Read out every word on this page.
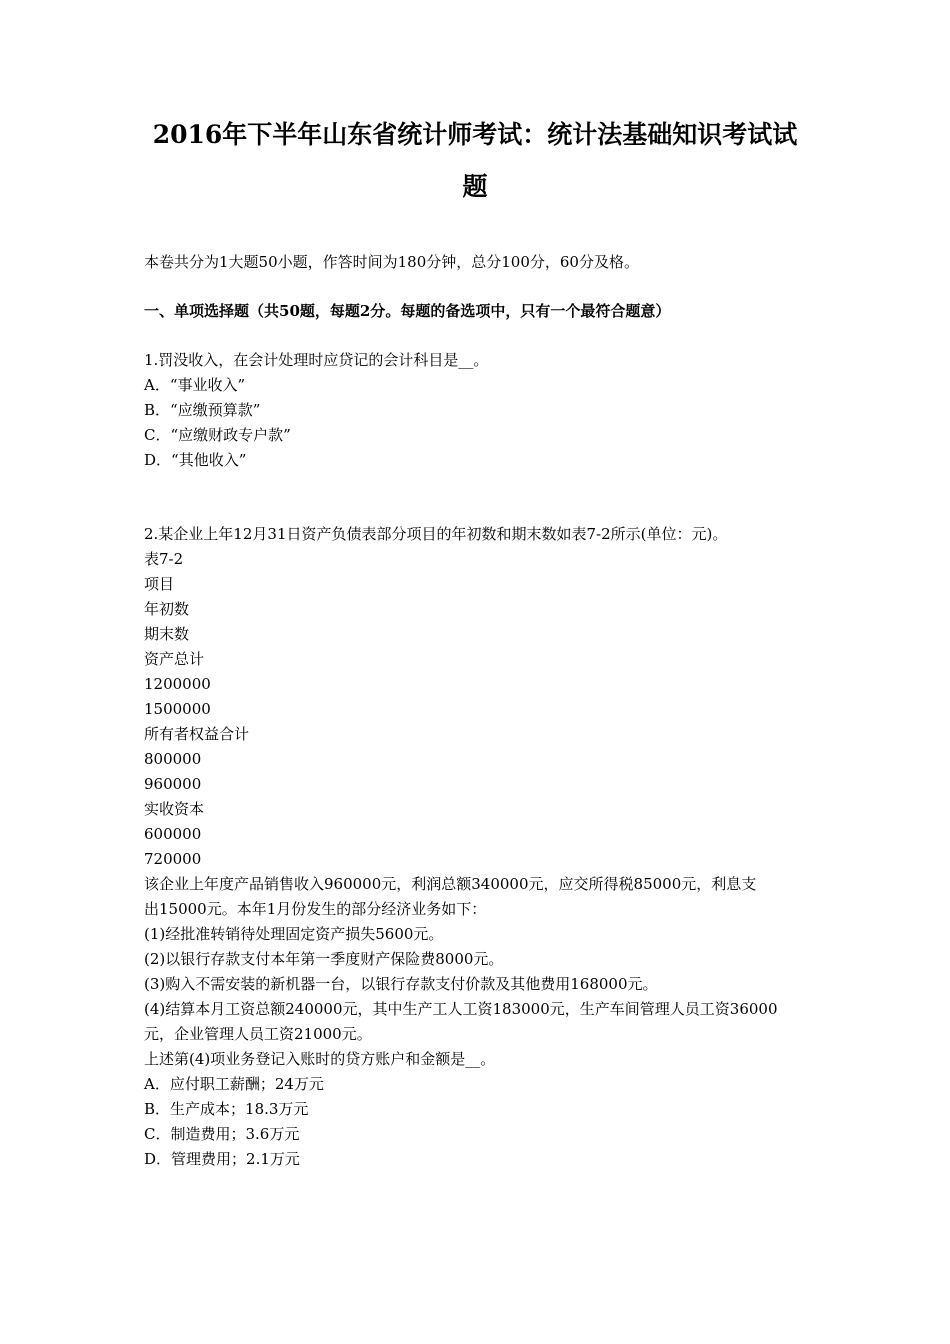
2016年下半年山东省统计师考试：统计法基础知识考试试
题

本卷共分为1大题50小题，作答时间为180分钟，总分100分，60分及格。

一、单项选择题（共50题，每题2分。每题的备选项中，只有一个最符合题意）

1.罚没收入，在会计处理时应贷记的会计科目是__。
A．“事业收入”
B．“应缴预算款”
C．“应缴财政专户款”
D．“其他收入”
2.某企业上年12月31日资产负债表部分项目的年初数和期末数如表7-2所示(单位：元)。
表7-2
项目
年初数
期末数
资产总计
1200000
1500000
所有者权益合计
800000
960000
实收资本
600000
720000
该企业上年度产品销售收入960000元，利润总额340000元，应交所得税85000元，利息支
出15000元。本年1月份发生的部分经济业务如下：
(1)经批准转销待处理固定资产损失5600元。
(2)以银行存款支付本年第一季度财产保险费8000元。
(3)购入不需安装的新机器一台，以银行存款支付价款及其他费用168000元。
(4)结算本月工资总额240000元，其中生产工人工资183000元，生产车间管理人员工资36000
元，企业管理人员工资21000元。
上述第(4)项业务登记入账时的贷方账户和金额是__。
A．应付职工薪酬；24万元
B．生产成本；18.3万元
C．制造费用；3.6万元
D．管理费用；2.1万元
